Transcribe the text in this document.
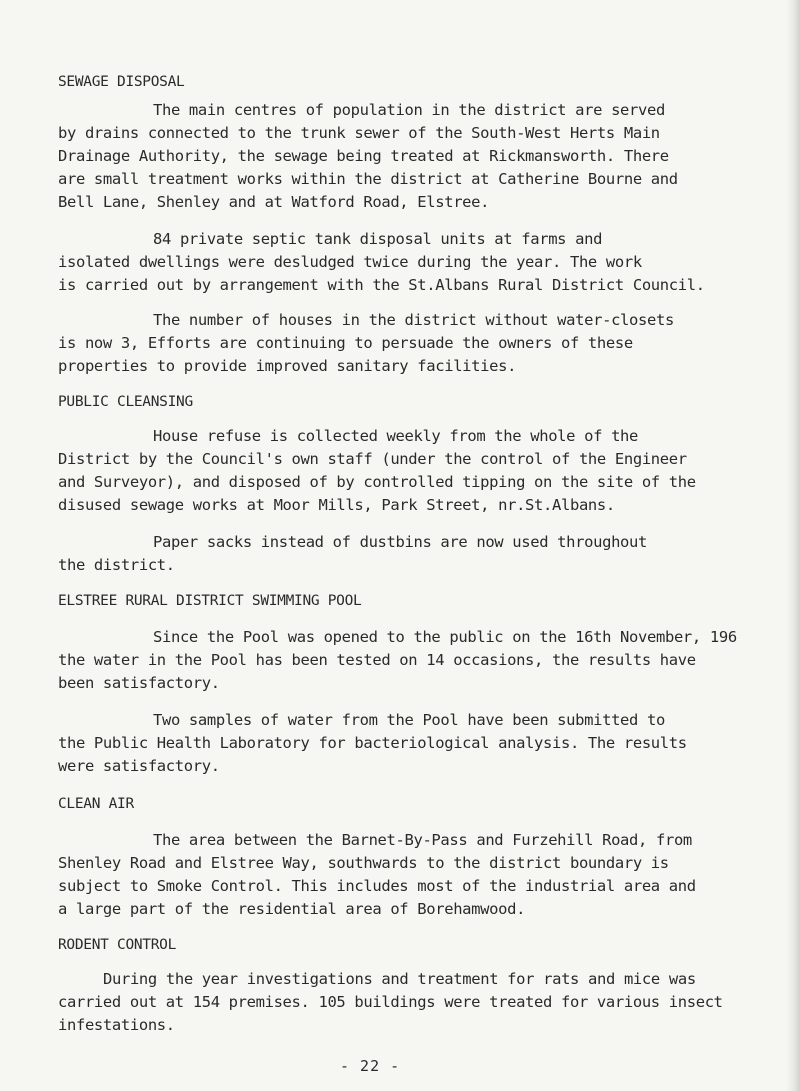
SEWAGE DISPOSAL
The main centres of population in the district are served
by drains connected to the trunk sewer of the South-West Herts Main
Drainage Authority, the sewage being treated at Rickmansworth. There
are small treatment works within the district at Catherine Bourne and
Bell Lane, Shenley and at Watford Road, Elstree.
84 private septic tank disposal units at farms and
isolated dwellings were desludged twice during the year. The work
is carried out by arrangement with the St.Albans Rural District Council.
The number of houses in the district without water-closets
is now 3, Efforts are continuing to persuade the owners of these
properties to provide improved sanitary facilities.
PUBLIC CLEANSING
House refuse is collected weekly from the whole of the
District by the Council's own staff (under the control of the Engineer
and Surveyor), and disposed of by controlled tipping on the site of the
disused sewage works at Moor Mills, Park Street, nr.St.Albans.
Paper sacks instead of dustbins are now used throughout
the district.
ELSTREE RURAL DISTRICT SWIMMING POOL
Since the Pool was opened to the public on the 16th November, 196
the water in the Pool has been tested on 14 occasions, the results have
been satisfactory.
Two samples of water from the Pool have been submitted to
the Public Health Laboratory for bacteriological analysis. The results
were satisfactory.
CLEAN AIR
The area between the Barnet-By-Pass and Furzehill Road, from
Shenley Road and Elstree Way, southwards to the district boundary is
subject to Smoke Control. This includes most of the industrial area and
a large part of the residential area of Borehamwood.
RODENT CONTROL
During the year investigations and treatment for rats and mice was
carried out at 154 premises. 105 buildings were treated for various insect
infestations.
- 22 -
